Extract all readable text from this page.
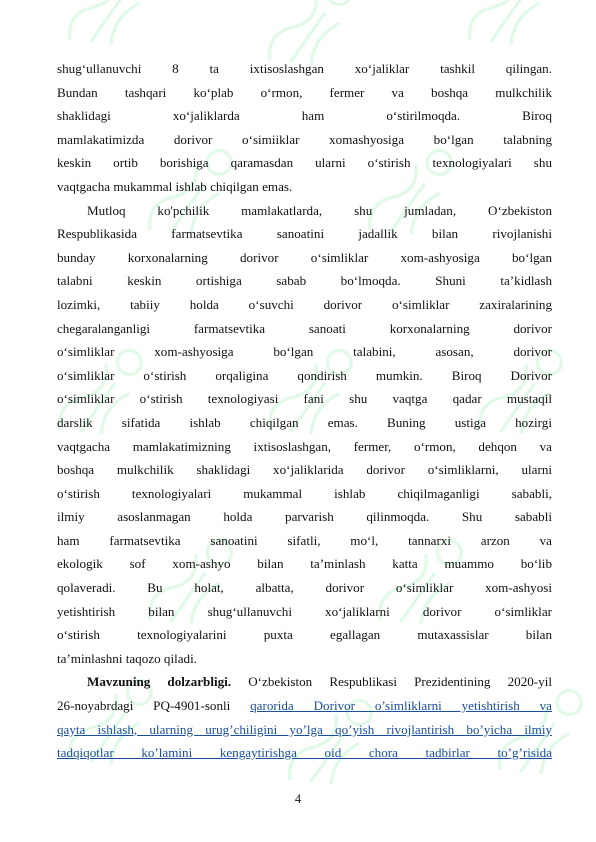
shug‘ullanuvchi 8 ta ixtisoslashgan xo‘jaliklar tashkil qilingan.
Bundan tashqari ko‘plab o‘rmon, fermer va boshqa mulkchilik
shaklidagi xo‘jaliklarda ham o‘stirilmoqda. Biroq
mamlakatimizda dorivor o‘simiiklar xomashyosiga bo‘lgan talabning
keskin ortib borishiga qaramasdan ularni o‘stirish texnologiyalari shu
vaqtgacha mukammal ishlab chiqilgan emas.
Mutloq ko'pchilik mamlakatlarda, shu jumladan, O‘zbekiston
Respublikasida farmatsevtika sanoatini jadallik bilan rivojlanishi
bunday korxonalarning dorivor o‘simliklar xom-ashyosiga bo‘lgan
talabni keskin ortishiga sabab bo‘lmoqda. Shuni ta’kidlash
lozimki, tabiiy holda o‘suvchi dorivor o‘simliklar zaxiralarining
chegaralanganligi farmatsevtika sanoati korxonalarning dorivor
o‘simliklar xom-ashyosiga bo‘lgan talabini, asosan, dorivor
o‘simliklar o‘stirish orqaligina qondirish mumkin. Biroq Dorivor
o‘simliklar o‘stirish texnologiyasi fani shu vaqtga qadar mustaqil
darslik sifatida ishlab chiqilgan emas. Buning ustiga hozirgi
vaqtgacha mamlakatimizning ixtisoslashgan, fermer, o‘rmon, dehqon va
boshqa mulkchilik shaklidagi xo‘jaliklarida dorivor o‘simliklarni, ularni
o‘stirish texnologiyalari mukammal ishlab chiqilmaganligi sababli,
ilmiy asoslanmagan holda parvarish qilinmoqda. Shu sababli
ham farmatsevtika sanoatini sifatli, mo‘l, tannarxi arzon va
ekologik sof xom-ashyo bilan ta’minlash katta muammo bo‘lib
qolaveradi. Bu holat, albatta, dorivor o‘simliklar xom-ashyosi
yetishtirish bilan shug‘ullanuvchi xo‘jaliklarni dorivor o‘simliklar
o‘stirish texnologiyalarini puxta egallagan mutaxassislar bilan
ta’minlashni taqozo qiladi.
Mavzuning dolzarbligi. O‘zbekiston Respublikasi Prezidentining 2020-yil
26-noyabrdagi PQ-4901-sonli qarorida Dorivor o’simliklarni yetishtirish va
qayta ishlash, ularning urug’chiligini yo’lga qo’yish rivojlantirish bo’yicha ilmiy
tadqiqotlar ko’lamini kengaytirishga oid chora tadbirlar to’g’risida
4
